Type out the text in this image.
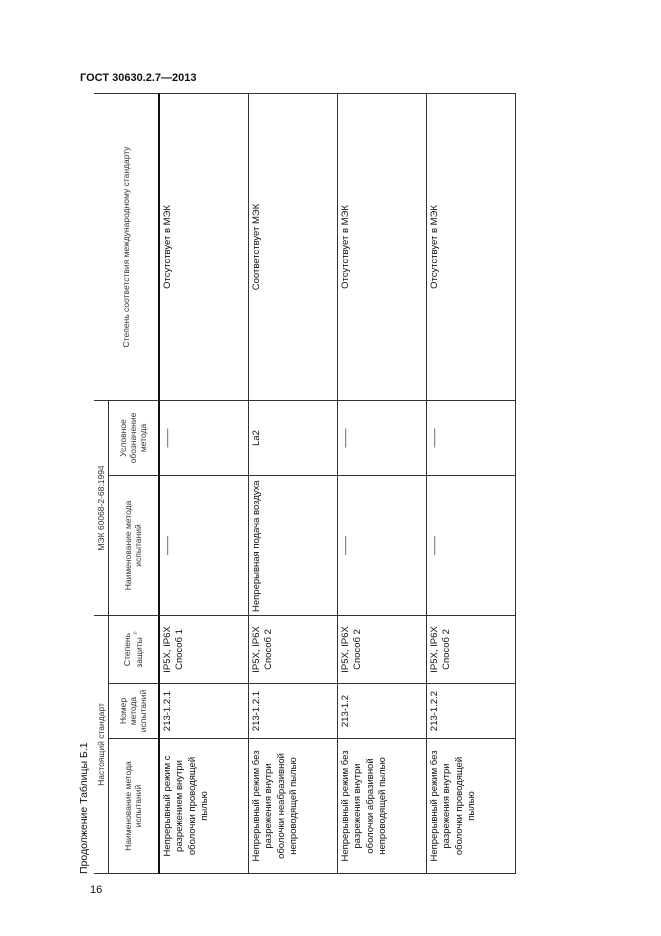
ГОСТ 30630.2.7—2013
Продолжение Таблицы Б.1 Настоящий стандарт			МЭК 60068-2-68:1994		Степень соответствия международному стандарту
Наименование метода испытаний	Номер метода испытаний	Степень защиты $^{^{1)}}$	Наименование метода испытаний	Условное обозначение метода	
Непрерывный режим с разрежением внутри оболочки проводящей пылью	213-1.2.1	IP5X, IP6X Способ 1	——	——	Отсутствует в МЭК
Непрерывный режим без разрежения внутри оболочки неабразивной непроводящей пылью	213-1.2.1	IP5X, IP6X Способ 2	Непрерывная подача воздуха	La2	Соответствует МЭК
Непрерывный режим без разрежения внутри оболочки абразивной непроводящей пылью	213-1.2	IP5X, IP6X Способ 2	——	——	Отсутствует в МЭК
Непрерывный режим без разрежения внутри оболочки проводящей пылью	213-1.2.2	IP5X, IP6X Способ 2	——	——	Отсутствует в МЭК
16
